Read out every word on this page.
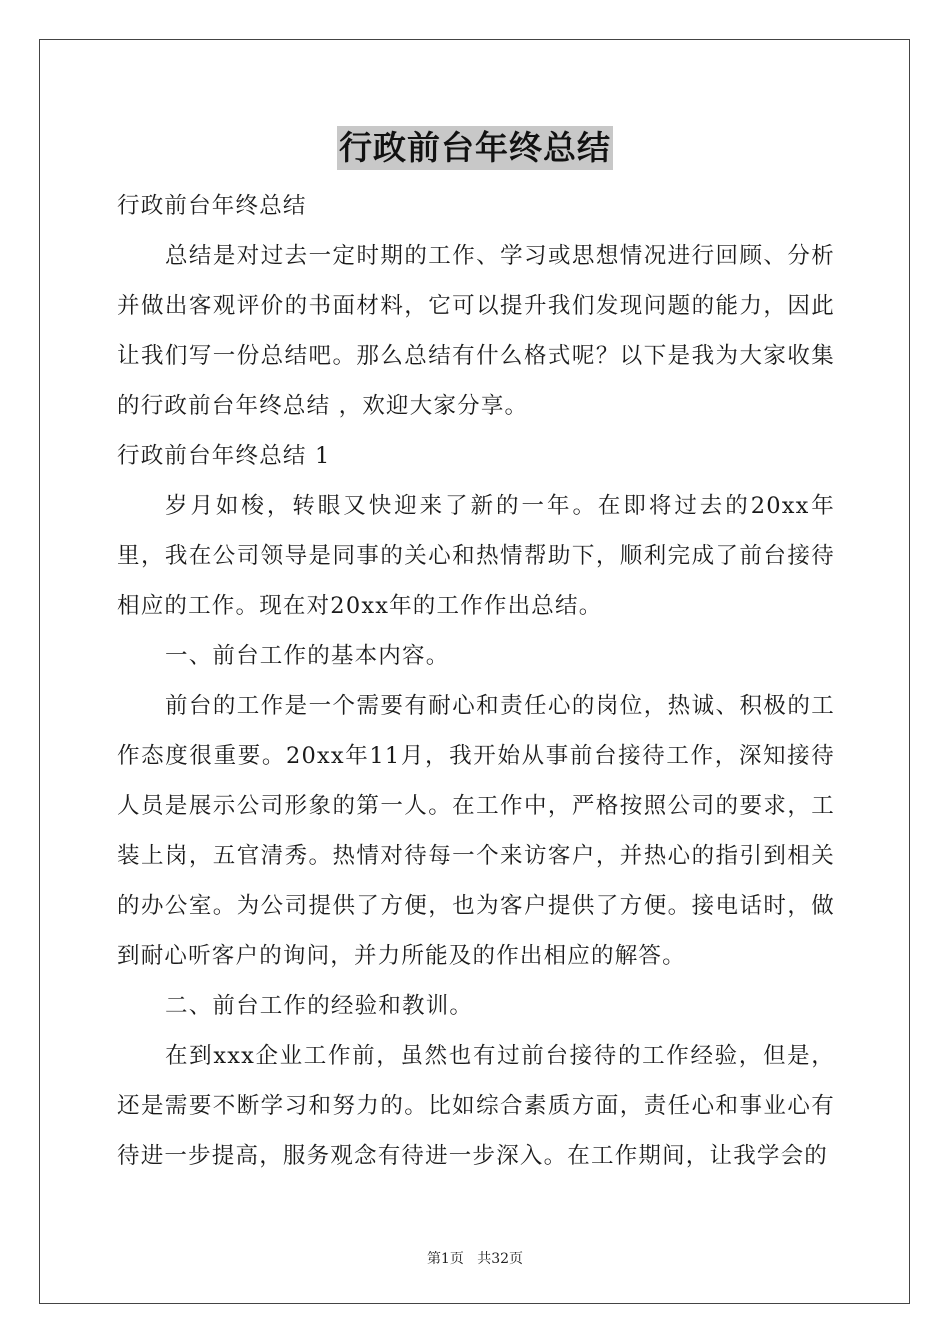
行政前台年终总结

行政前台年终总结

总结是对过去一定时期的工作、学习或思想情况进行回顾、分析并做出客观评价的书面材料，它可以提升我们发现问题的能力，因此让我们写一份总结吧。那么总结有什么格式呢？以下是我为大家收集的行政前台年终总结 ，欢迎大家分享。

行政前台年终总结 1

岁月如梭，转眼又快迎来了新的一年。在即将过去的20xx年里，我在公司领导是同事的关心和热情帮助下，顺利完成了前台接待相应的工作。现在对20xx年的工作作出总结。

一、前台工作的基本内容。

前台的工作是一个需要有耐心和责任心的岗位，热诚、积极的工作态度很重要。20xx年11月，我开始从事前台接待工作，深知接待人员是展示公司形象的第一人。在工作中，严格按照公司的要求，工装上岗，五官清秀。热情对待每一个来访客户，并热心的指引到相关的办公室。为公司提供了方便，也为客户提供了方便。接电话时，做到耐心听客户的询问，并力所能及的作出相应的解答。

二、前台工作的经验和教训。

在到xxx企业工作前，虽然也有过前台接待的工作经验，但是，还是需要不断学习和努力的。比如综合素质方面，责任心和事业心有待进一步提高，服务观念有待进一步深入。在工作期间，让我学会的

第1页 共32页
